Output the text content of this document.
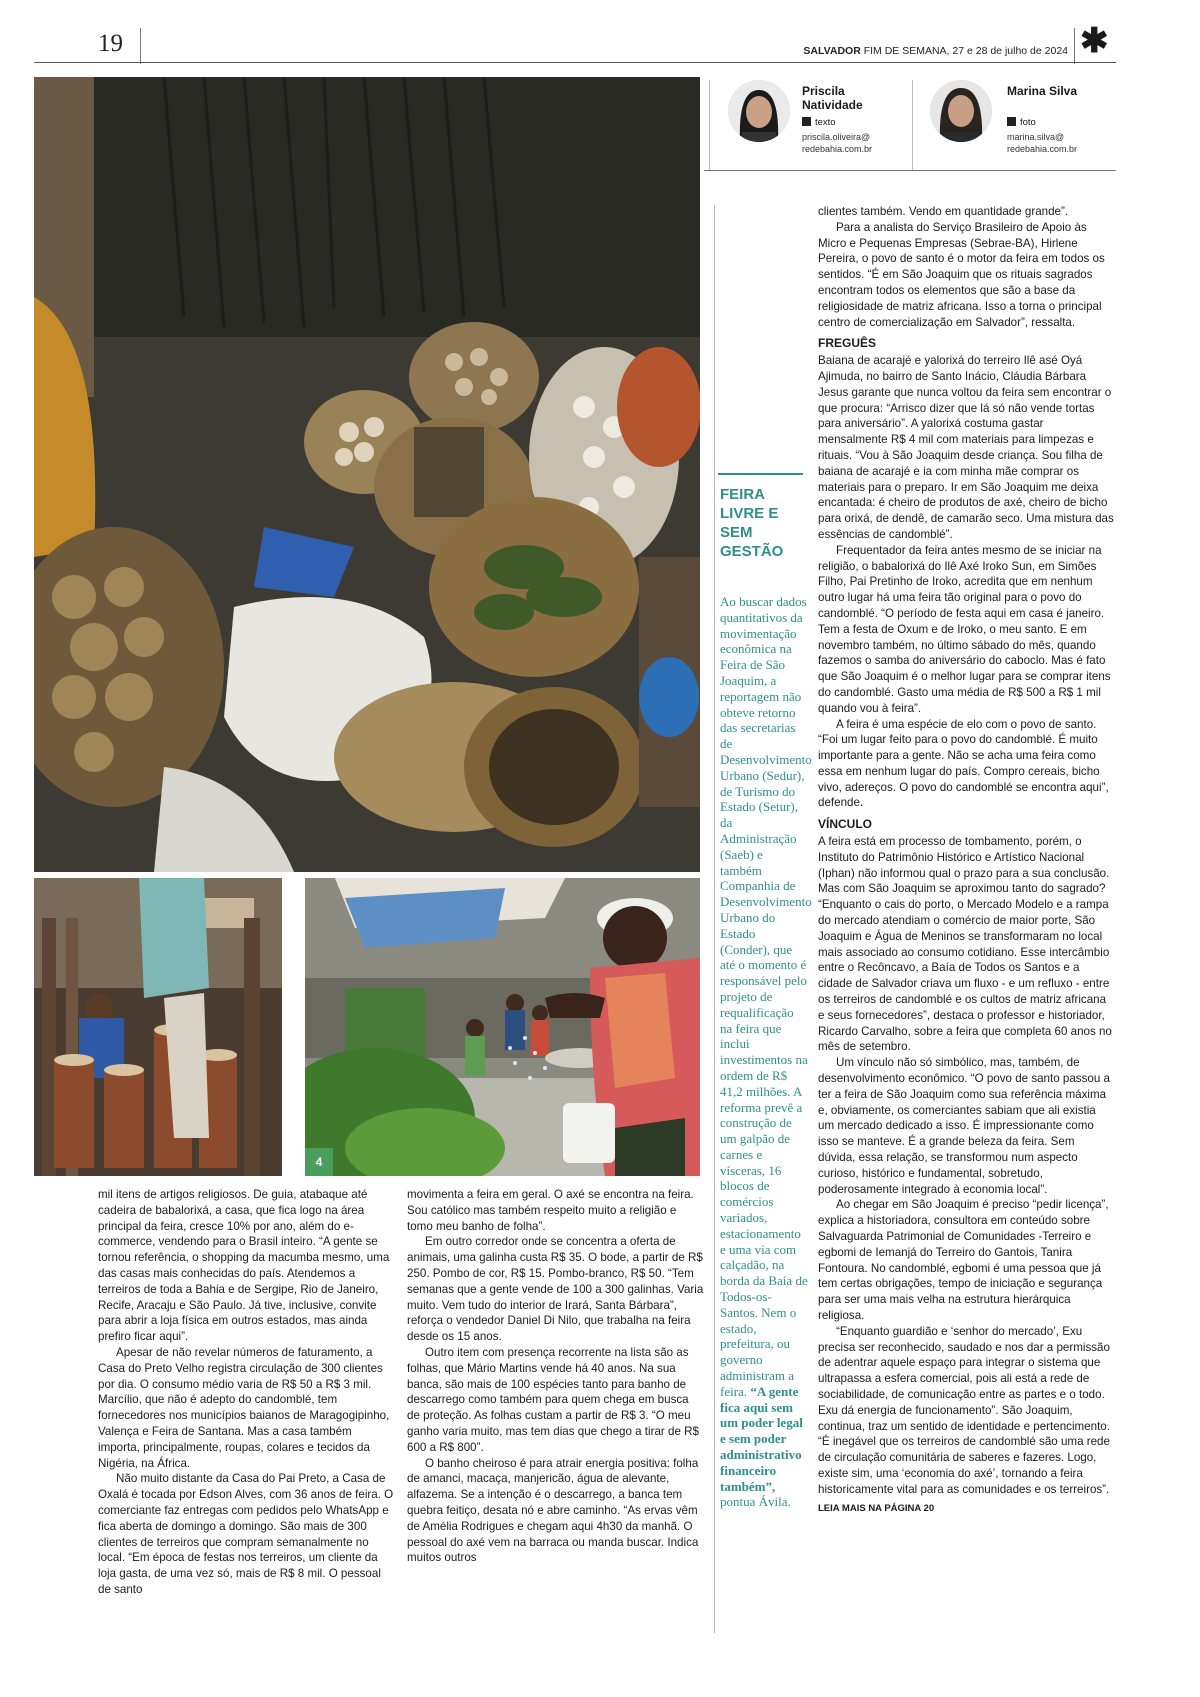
19	SALVADOR FIM DE SEMANA, 27 e 28 de julho de 2024 ✱
4
Priscila Natividade
texto
priscila.oliveira@ redebahia.com.br
Marina Silva
foto
marina.silva@ redebahia.com.br
FEIRA LIVRE E SEM GESTÃO
Ao buscar dados quantitativos da movimentação econômica na Feira de São Joaquim, a reportagem não obteve retorno das secretarias de Desenvolvimento Urbano (Sedur), de Turismo do Estado (Setur), da Administração (Saeb) e também Companhia de Desenvolvimento Urbano do Estado (Conder), que até o momento é responsável pelo projeto de requalificação na feira que inclui investimentos na ordem de R$ 41,2 milhões. A reforma prevê a construção de um galpão de carnes e vísceras, 16 blocos de comércios variados, estacionamento e uma via com calçadão, na borda da Baía de Todos-os-Santos. Nem o estado, prefeitura, ou governo administram a feira. “A gente fica aqui sem um poder legal e sem poder administrativo financeiro também”, pontua Ávila.

mil itens de artigos religiosos. De guia, atabaque até cadeira de babalorixá, a casa, que fica logo na área principal da feira, cresce 10% por ano, além do e-commerce, vendendo para o Brasil inteiro. “A gente se tornou referência, o shopping da macumba mesmo, uma das casas mais conhecidas do país. Atendemos a terreiros de toda a Bahia e de Sergipe, Rio de Janeiro, Recife, Aracaju e São Paulo. Já tive, inclusive, convite para abrir a loja física em outros estados, mas ainda prefiro ficar aqui”.

Apesar de não revelar números de faturamento, a Casa do Preto Velho registra circulação de 300 clientes por dia. O consumo médio varia de R$ 50 a R$ 3 mil. Marcílio, que não é adepto do candomblé, tem fornecedores nos municípios baianos de Maragogipinho, Valença e Feira de Santana. Mas a casa também importa, principalmente, roupas, colares e tecidos da Nigéria, na África.

Não muito distante da Casa do Pai Preto, a Casa de Oxalá é tocada por Edson Alves, com 36 anos de feira. O comerciante faz entregas com pedidos pelo WhatsApp e fica aberta de domingo a domingo. São mais de 300 clientes de terreiros que compram semanalmente no local. “Em época de festas nos terreiros, um cliente da loja gasta, de uma vez só, mais de R$ 8 mil. O pessoal de santo

movimenta a feira em geral. O axé se encontra na feira. Sou católico mas também respeito muito a religião e tomo meu banho de folha”.

Em outro corredor onde se concentra a oferta de animais, uma galinha custa R$ 35. O bode, a partir de R$ 250. Pombo de cor, R$ 15. Pombo-branco, R$ 50. “Tem semanas que a gente vende de 100 a 300 galinhas. Varia muito. Vem tudo do interior de Irará, Santa Bárbara”, reforça o vendedor Daniel Di Nilo, que trabalha na feira desde os 15 anos.

Outro item com presença recorrente na lista são as folhas, que Mário Martins vende há 40 anos. Na sua banca, são mais de 100 espécies tanto para banho de descarrego como também para quem chega em busca de proteção. As folhas custam a partir de R$ 3. “O meu ganho varia muito, mas tem dias que chego a tirar de R$ 600 a R$ 800”.

O banho cheiroso é para atrair energia positiva: folha de amanci, macaça, manjericão, água de alevante, alfazema. Se a intenção é o descarrego, a banca tem quebra feitiço, desata nó e abre caminho. “As ervas vêm de Amélia Rodrigues e chegam aqui 4h30 da manhã. O pessoal do axé vem na barraca ou manda buscar. Indica muitos outros

clientes também. Vendo em quantidade grande”.

Para a analista do Serviço Brasileiro de Apoio às Micro e Pequenas Empresas (Sebrae-BA), Hirlene Pereira, o povo de santo é o motor da feira em todos os sentidos. “É em São Joaquim que os rituais sagrados encontram todos os elementos que são a base da religiosidade de matriz africana. Isso a torna o principal centro de comercialização em Salvador”, ressalta.

FREGUÊS

Baiana de acarajé e yalorixá do terreiro Ilê asé Oyá Ajimuda, no bairro de Santo Inácio, Cláudia Bárbara Jesus garante que nunca voltou da feira sem encontrar o que procura: “Arrisco dizer que lá só não vende tortas para aniversário”. A yalorixá costuma gastar mensalmente R$ 4 mil com materiais para limpezas e rituais. “Vou à São Joaquim desde criança. Sou filha de baiana de acarajé e ia com minha mãe comprar os materiais para o preparo. Ir em São Joaquim me deixa encantada: é cheiro de produtos de axé, cheiro de bicho para orixá, de dendê, de camarão seco. Uma mistura das essências de candomblé”.

Frequentador da feira antes mesmo de se iniciar na religião, o babalorixá do Ilê Axé Iroko Sun, em Simões Filho, Pai Pretinho de Iroko, acredita que em nenhum outro lugar há uma feira tão original para o povo do candomblé. “O período de festa aqui em casa é janeiro. Tem a festa de Oxum e de Iroko, o meu santo. E em novembro também, no último sábado do mês, quando fazemos o samba do aniversário do caboclo. Mas é fato que São Joaquim é o melhor lugar para se comprar itens do candomblé. Gasto uma média de R$ 500 a R$ 1 mil quando vou à feira”.

A feira é uma espécie de elo com o povo de santo. “Foi um lugar feito para o povo do candomblé. É muito importante para a gente. Não se acha uma feira como essa em nenhum lugar do país. Compro cereais, bicho vivo, adereços. O povo do candomblé se encontra aqui”, defende.

VÍNCULO

A feira está em processo de tombamento, porém, o Instituto do Patrimônio Histórico e Artístico Nacional (Iphan) não informou qual o prazo para a sua conclusão. Mas com São Joaquim se aproximou tanto do sagrado? “Enquanto o cais do porto, o Mercado Modelo e a rampa do mercado atendiam o comércio de maior porte, São Joaquim e Água de Meninos se transformaram no local mais associado ao consumo cotidiano. Esse intercâmbio entre o Recôncavo, a Baía de Todos os Santos e a cidade de Salvador criava um fluxo - e um refluxo - entre os terreiros de candomblé e os cultos de matriz africana e seus fornecedores”, destaca o professor e historiador, Ricardo Carvalho, sobre a feira que completa 60 anos no mês de setembro.

Um vínculo não só simbólico, mas, também, de desenvolvimento econômico. “O povo de santo passou a ter a feira de São Joaquim como sua referência máxima e, obviamente, os comerciantes sabiam que ali existia um mercado dedicado a isso. É impressionante como isso se manteve. É a grande beleza da feira. Sem dúvida, essa relação, se transformou num aspecto curioso, histórico e fundamental, sobretudo, poderosamente integrado à economia local”.

Ao chegar em São Joaquim é preciso “pedir licença”, explica a historiadora, consultora em conteúdo sobre Salvaguarda Patrimonial de Comunidades -Terreiro e egbomi de Iemanjá do Terreiro do Gantois, Tanira Fontoura. No candomblé, egbomi é uma pessoa que já tem certas obrigações, tempo de iniciação e segurança para ser uma mais velha na estrutura hierárquica religiosa.

“Enquanto guardião e ‘senhor do mercado’, Exu precisa ser reconhecido, saudado e nos dar a permissão de adentrar aquele espaço para integrar o sistema que ultrapassa a esfera comercial, pois ali está a rede de sociabilidade, de comunicação entre as partes e o todo. Exu dá energia de funcionamento”. São Joaquim, continua, traz um sentido de identidade e pertencimento. “É inegável que os terreiros de candomblé são uma rede de circulação comunitária de saberes e fazeres. Logo, existe sim, uma ‘economia do axé’, tornando a feira historicamente vital para as comunidades e os terreiros”.

LEIA MAIS NA PÁGINA 20
